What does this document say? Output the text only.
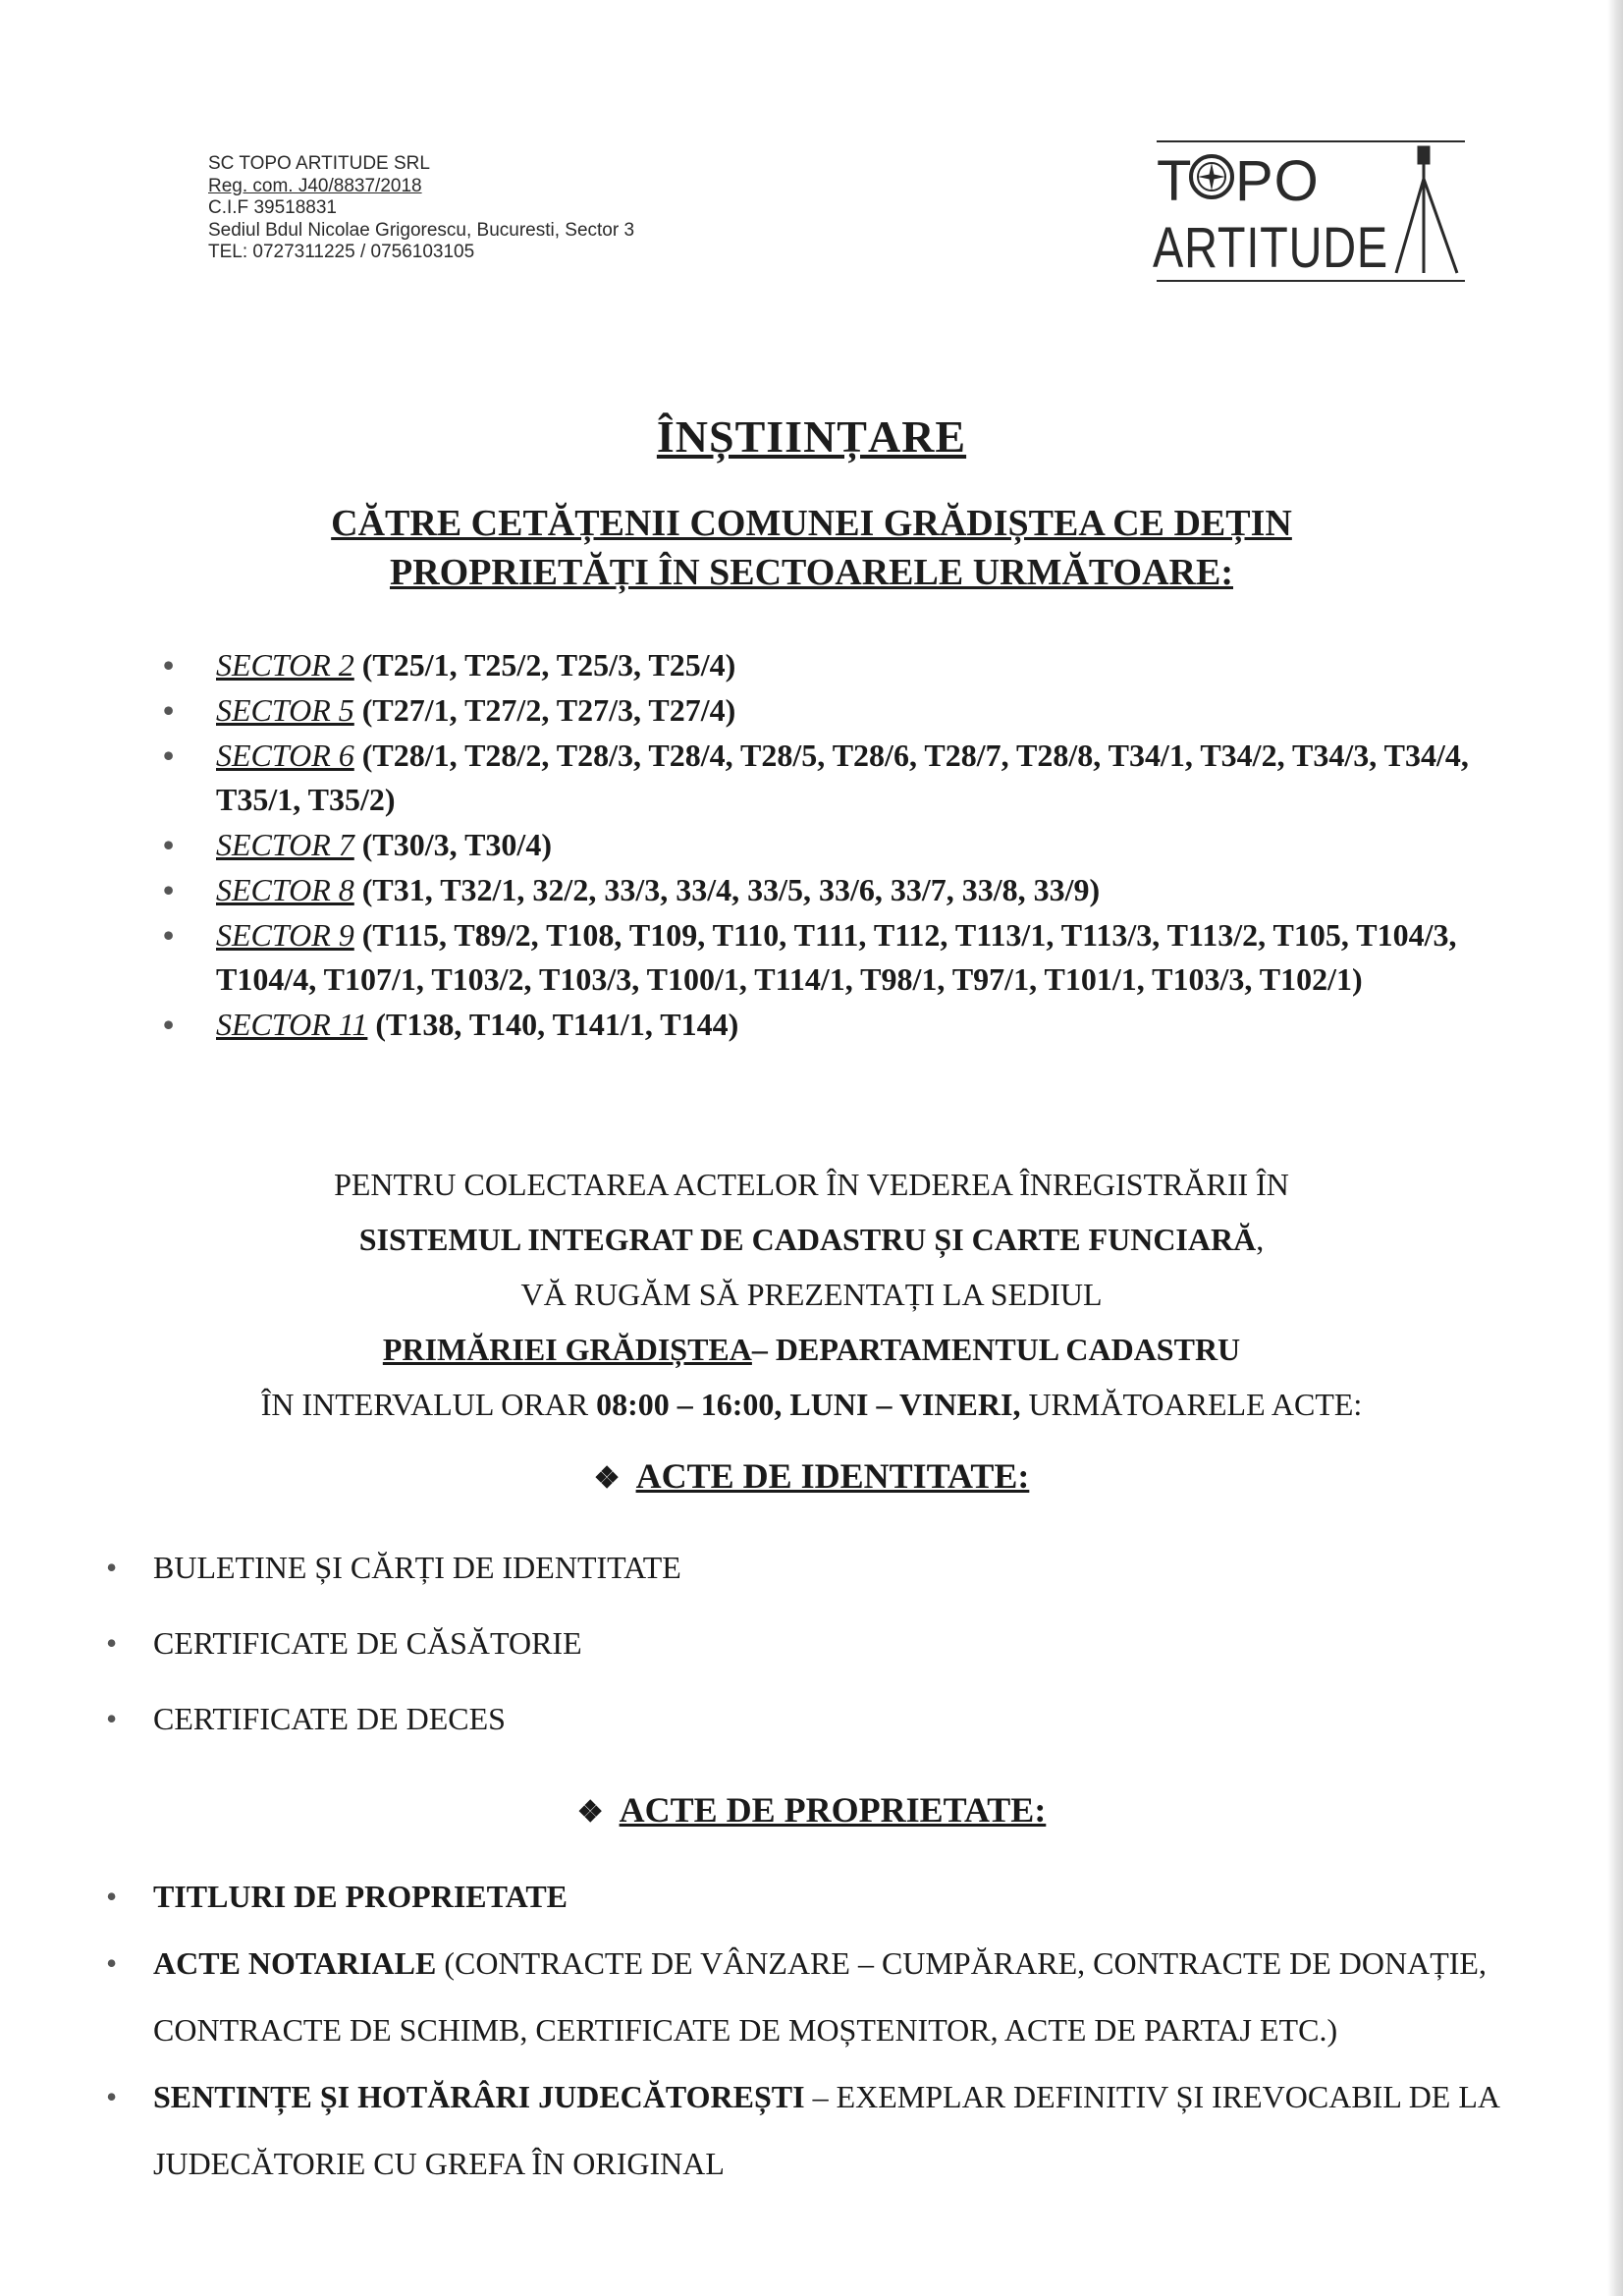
SC TOPO ARTITUDE SRL
Reg. com. J40/8837/2018
C.I.F 39518831
Sediul Bdul Nicolae Grigorescu, Bucuresti, Sector 3
TEL: 0727311225 / 0756103105
T PO
ARTITUDE
ÎNȘTIINȚARE
CĂTRE CETĂȚENII COMUNEI GRĂDIȘTEA CE DEȚIN
PROPRIETĂȚI ÎN SECTOARELE URMĂTOARE:
• SECTOR 2 (T25/1, T25/2, T25/3, T25/4)
• SECTOR 5 (T27/1, T27/2, T27/3, T27/4)
• SECTOR 6 (T28/1, T28/2, T28/3, T28/4, T28/5, T28/6, T28/7, T28/8, T34/1, T34/2, T34/3, T34/4, T35/1, T35/2)
• SECTOR 7 (T30/3, T30/4)
• SECTOR 8 (T31, T32/1, 32/2, 33/3, 33/4, 33/5, 33/6, 33/7, 33/8, 33/9)
• SECTOR 9 (T115, T89/2, T108, T109, T110, T111, T112, T113/1, T113/3, T113/2, T105, T104/3, T104/4, T107/1, T103/2, T103/3, T100/1, T114/1, T98/1, T97/1, T101/1, T103/3, T102/1)
• SECTOR 11 (T138, T140, T141/1, T144)
PENTRU COLECTAREA ACTELOR ÎN VEDEREA ÎNREGISTRĂRII ÎN
SISTEMUL INTEGRAT DE CADASTRU ȘI CARTE FUNCIARĂ,
VĂ RUGĂM SĂ PREZENTAȚI LA SEDIUL
PRIMĂRIEI GRĂDIȘTEA– DEPARTAMENTUL CADASTRU
ÎN INTERVALUL ORAR 08:00 – 16:00, LUNI – VINERI, URMĂTOARELE ACTE:
❖ ACTE DE IDENTITATE:
• BULETINE ȘI CĂRȚI DE IDENTITATE
• CERTIFICATE DE CĂSĂTORIE
• CERTIFICATE DE DECES
❖ ACTE DE PROPRIETATE:
• TITLURI DE PROPRIETATE
• ACTE NOTARIALE (CONTRACTE DE VÂNZARE – CUMPĂRARE, CONTRACTE DE DONAȚIE, CONTRACTE DE SCHIMB, CERTIFICATE DE MOȘTENITOR, ACTE DE PARTAJ ETC.)
• SENTINȚE ȘI HOTĂRÂRI JUDECĂTOREȘTI – EXEMPLAR DEFINITIV ȘI IREVOCABIL DE LA JUDECĂTORIE CU GREFA ÎN ORIGINAL
